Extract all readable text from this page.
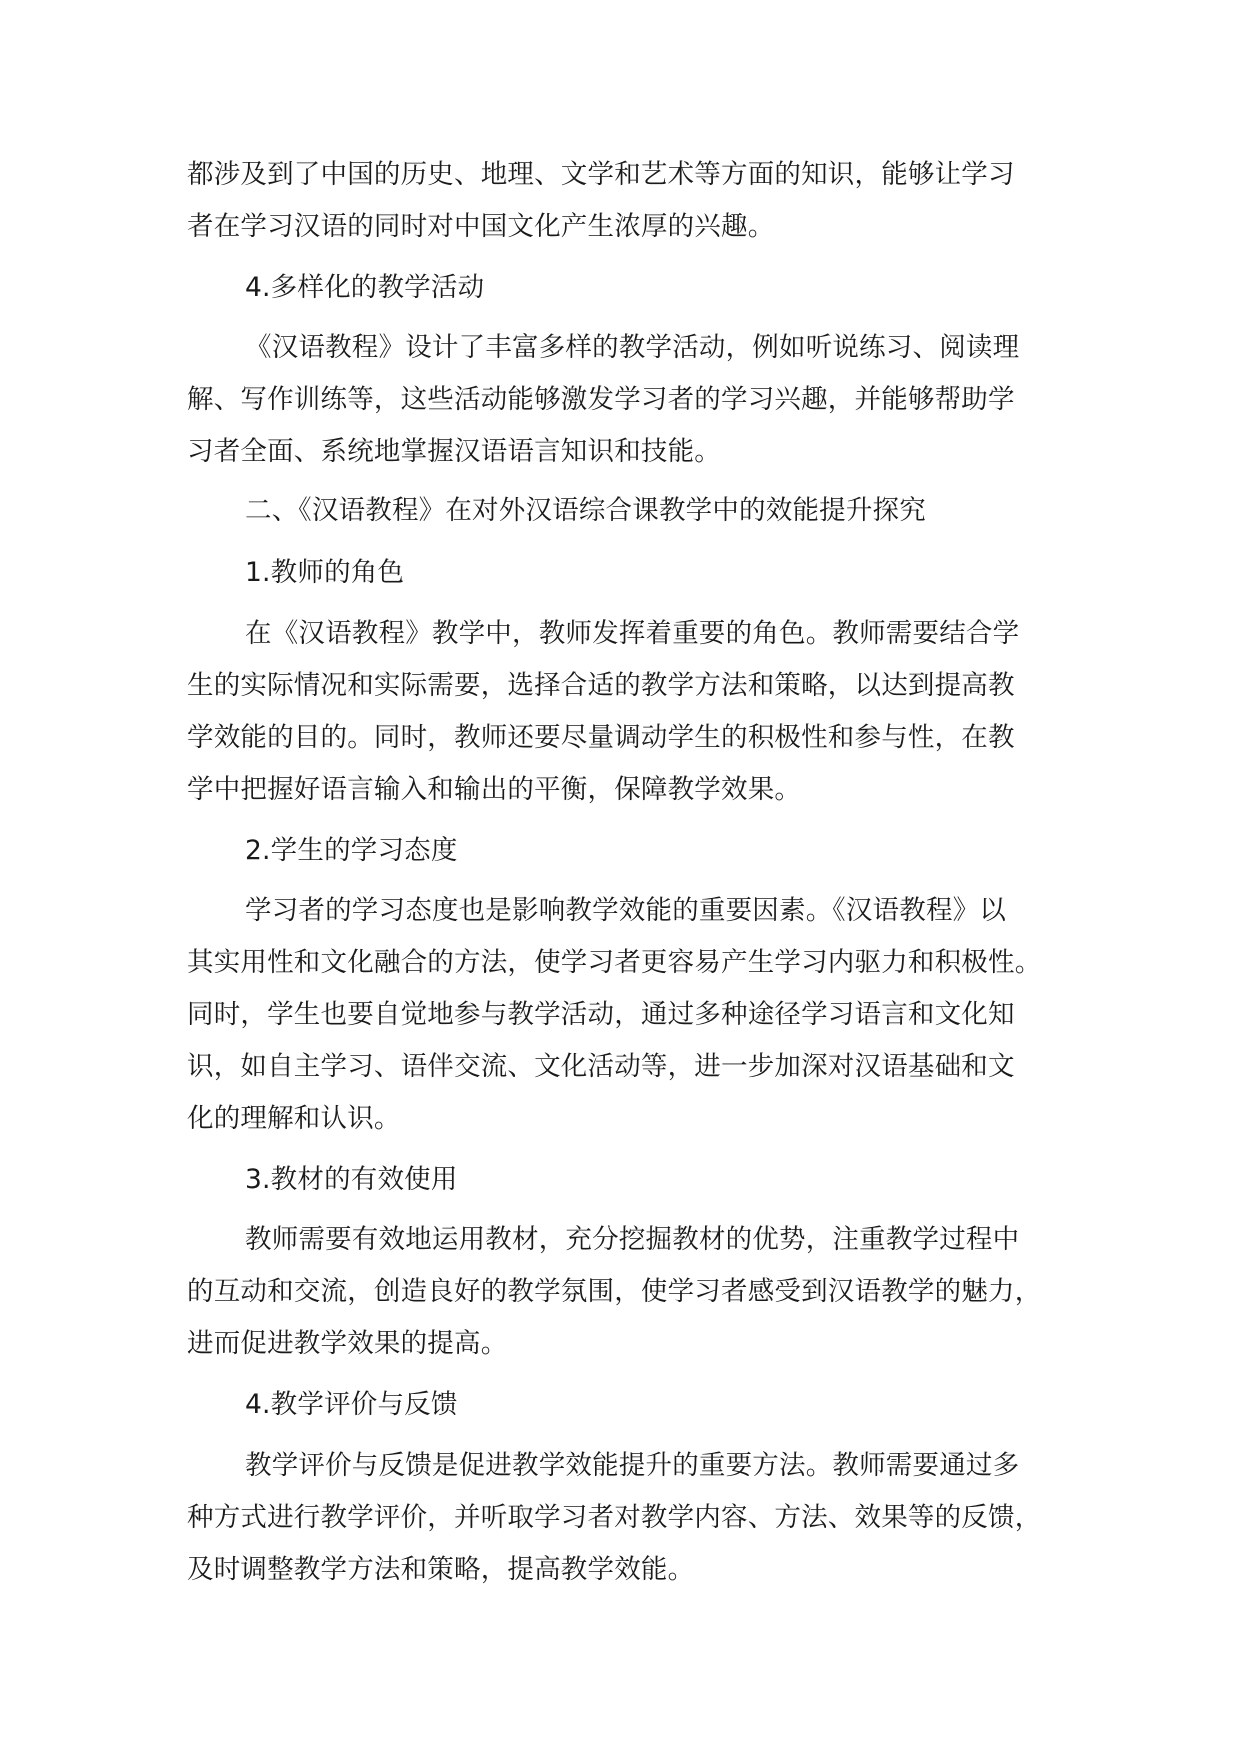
都涉及到了中国的历史、地理、文学和艺术等方面的知识，能够让学习
者在学习汉语的同时对中国文化产生浓厚的兴趣。
4.多样化的教学活动
《汉语教程》设计了丰富多样的教学活动，例如听说练习、阅读理
解、写作训练等，这些活动能够激发学习者的学习兴趣，并能够帮助学
习者全面、系统地掌握汉语语言知识和技能。
二、《汉语教程》在对外汉语综合课教学中的效能提升探究
1.教师的角色
在《汉语教程》教学中，教师发挥着重要的角色。教师需要结合学
生的实际情况和实际需要，选择合适的教学方法和策略，以达到提高教
学效能的目的。同时，教师还要尽量调动学生的积极性和参与性，在教
学中把握好语言输入和输出的平衡，保障教学效果。
2.学生的学习态度
学习者的学习态度也是影响教学效能的重要因素。《汉语教程》以
其实用性和文化融合的方法，使学习者更容易产生学习内驱力和积极性。
同时，学生也要自觉地参与教学活动，通过多种途径学习语言和文化知
识，如自主学习、语伴交流、文化活动等，进一步加深对汉语基础和文
化的理解和认识。
3.教材的有效使用
教师需要有效地运用教材，充分挖掘教材的优势，注重教学过程中
的互动和交流，创造良好的教学氛围，使学习者感受到汉语教学的魅力，
进而促进教学效果的提高。
4.教学评价与反馈
教学评价与反馈是促进教学效能提升的重要方法。教师需要通过多
种方式进行教学评价，并听取学习者对教学内容、方法、效果等的反馈，
及时调整教学方法和策略，提高教学效能。
